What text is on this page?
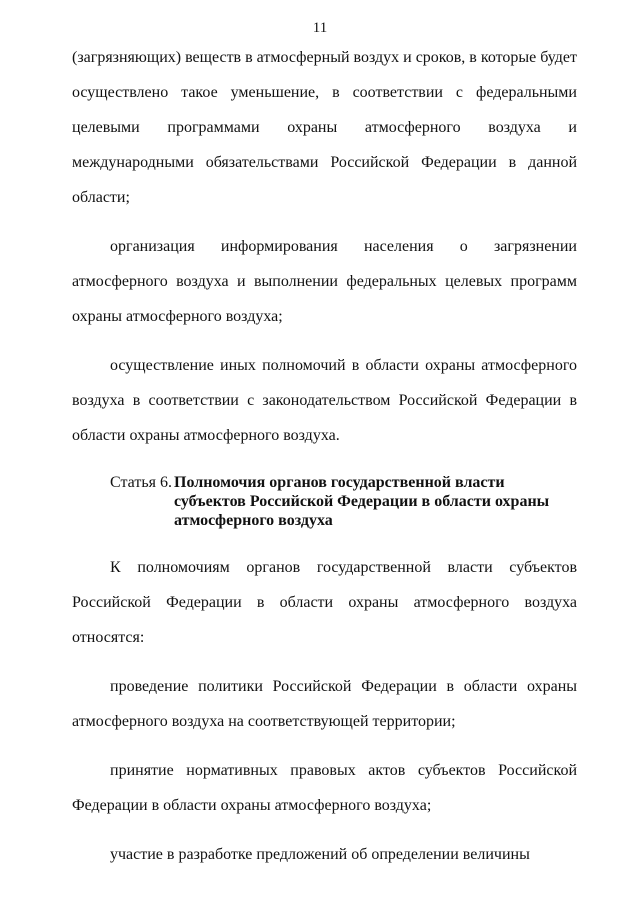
11

(загрязняющих) веществ в атмосферный воздух и сроков, в которые будет осуществлено такое уменьшение, в соответствии с федеральными целевыми программами охраны атмосферного воздуха и международными обязательствами Российской Федерации в данной области;

организация информирования населения о загрязнении атмосферного воздуха и выполнении федеральных целевых программ охраны атмосферного воздуха;

осуществление иных полномочий в области охраны атмосферного воздуха в соответствии с законодательством Российской Федерации в области охраны атмосферного воздуха.

Статья 6. Полномочия органов государственной власти субъектов Российской Федерации в области охраны атмосферного воздуха

К полномочиям органов государственной власти субъектов Российской Федерации в области охраны атмосферного воздуха относятся:

проведение политики Российской Федерации в области охраны атмосферного воздуха на соответствующей территории;

принятие нормативных правовых актов субъектов Российской Федерации в области охраны атмосферного воздуха;

участие в разработке предложений об определении величины
